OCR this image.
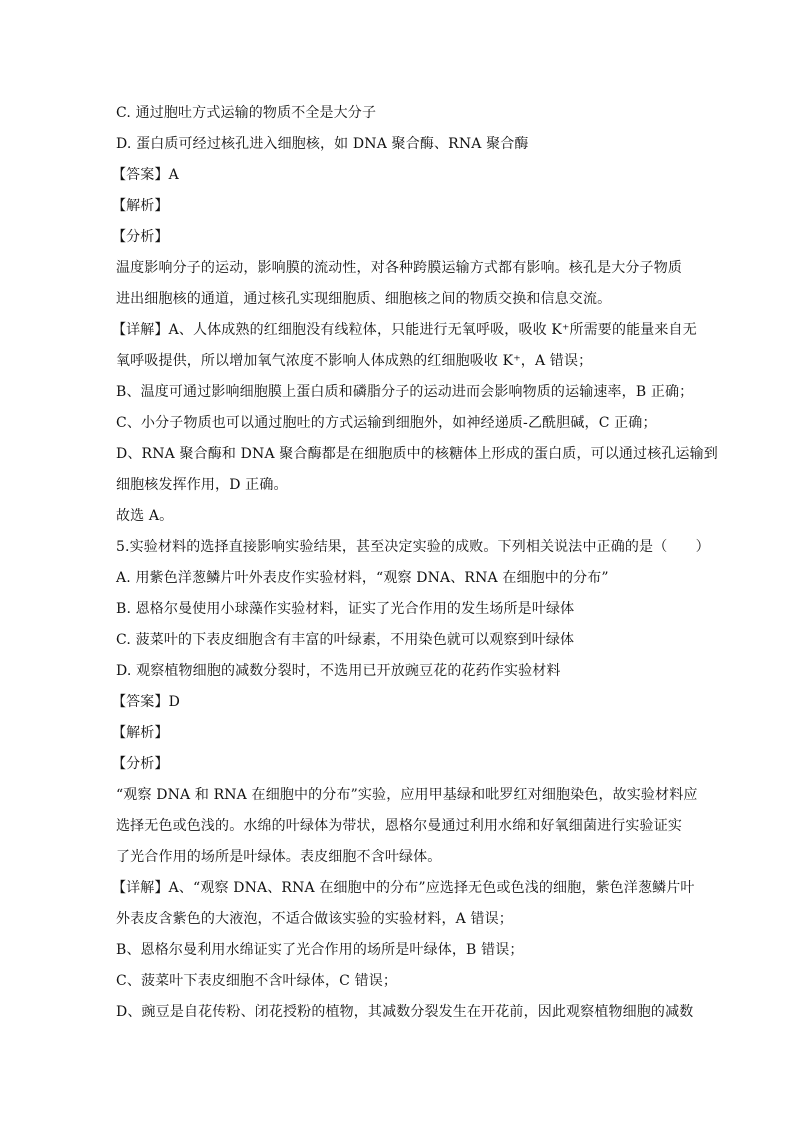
C. 通过胞吐方式运输的物质不全是大分子
D. 蛋白质可经过核孔进入细胞核，如 DNA 聚合酶、RNA 聚合酶
【答案】A
【解析】
【分析】
温度影响分子的运动，影响膜的流动性，对各种跨膜运输方式都有影响。核孔是大分子物质
进出细胞核的通道，通过核孔实现细胞质、细胞核之间的物质交换和信息交流。
【详解】A、人体成熟的红细胞没有线粒体，只能进行无氧呼吸，吸收 K⁺所需要的能量来自无
氧呼吸提供，所以增加氧气浓度不影响人体成熟的红细胞吸收 K⁺，A 错误；
B、温度可通过影响细胞膜上蛋白质和磷脂分子的运动进而会影响物质的运输速率，B 正确；
C、小分子物质也可以通过胞吐的方式运输到细胞外，如神经递质-乙酰胆碱，C 正确；
D、RNA 聚合酶和 DNA 聚合酶都是在细胞质中的核糖体上形成的蛋白质，可以通过核孔运输到
细胞核发挥作用，D 正确。
故选 A。
5.实验材料的选择直接影响实验结果，甚至决定实验的成败。下列相关说法中正确的是（　　）
A. 用紫色洋葱鳞片叶外表皮作实验材料，“观察 DNA、RNA 在细胞中的分布”
B. 恩格尔曼使用小球藻作实验材料，证实了光合作用的发生场所是叶绿体
C. 菠菜叶的下表皮细胞含有丰富的叶绿素，不用染色就可以观察到叶绿体
D. 观察植物细胞的减数分裂时，不选用已开放豌豆花的花药作实验材料
【答案】D
【解析】
【分析】
“观察 DNA 和 RNA 在细胞中的分布”实验，应用甲基绿和吡罗红对细胞染色，故实验材料应
选择无色或色浅的。水绵的叶绿体为带状，恩格尔曼通过利用水绵和好氧细菌进行实验证实
了光合作用的场所是叶绿体。表皮细胞不含叶绿体。
【详解】A、“观察 DNA、RNA 在细胞中的分布”应选择无色或色浅的细胞，紫色洋葱鳞片叶
外表皮含紫色的大液泡，不适合做该实验的实验材料，A 错误；
B、恩格尔曼利用水绵证实了光合作用的场所是叶绿体，B 错误；
C、菠菜叶下表皮细胞不含叶绿体，C 错误；
D、豌豆是自花传粉、闭花授粉的植物，其减数分裂发生在开花前，因此观察植物细胞的减数
